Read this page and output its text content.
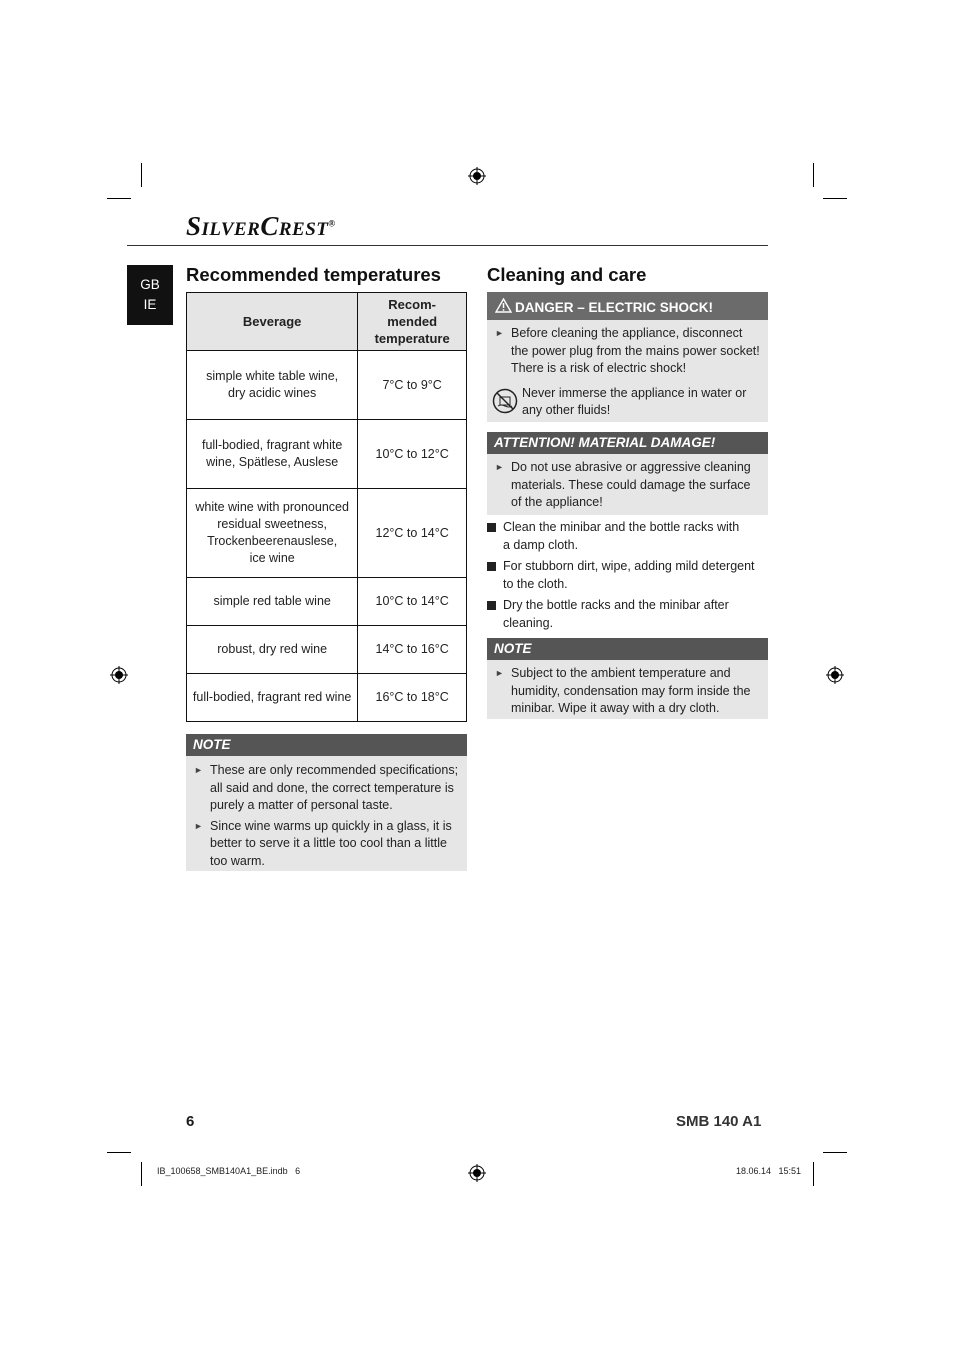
SILVERCREST®
GB
IE
Recommended temperatures
Beverage	Recom-
mended
temperature
simple white table wine,
dry acidic wines	7°C to 9°C
full-bodied, fragrant white
wine, Spätlese, Auslese	10°C to 12°C
white wine with pronounced
residual sweetness,
Trockenbeerenauslese,
ice wine	12°C to 14°C
simple red table wine	10°C to 14°C
robust, dry red wine	14°C to 16°C
full-bodied, fragrant red wine	16°C to 18°C
NOTE
► These are only recommended specifications;
all said and done, the correct temperature is
purely a matter of personal taste.
► Since wine warms up quickly in a glass, it is
better to serve it a little too cool than a little
too warm.
Cleaning and care
DANGER – ELECTRIC SHOCK!
► Before cleaning the appliance, disconnect
the power plug from the mains power socket!
There is a risk of electric shock!
Never immerse the appliance in water or
any other fluids!
ATTENTION! MATERIAL DAMAGE!
► Do not use abrasive or aggressive cleaning
materials. These could damage the surface
of the appliance!
Clean the minibar and the bottle racks with
a damp cloth.
For stubborn dirt, wipe, adding mild detergent
to the cloth.
Dry the bottle racks and the minibar after
cleaning.
NOTE
► Subject to the ambient temperature and
humidity, condensation may form inside the
minibar. Wipe it away with a dry cloth.
6	SMB 140 A1
IB_100658_SMB140A1_BE.indb   6	18.06.14   15:51
